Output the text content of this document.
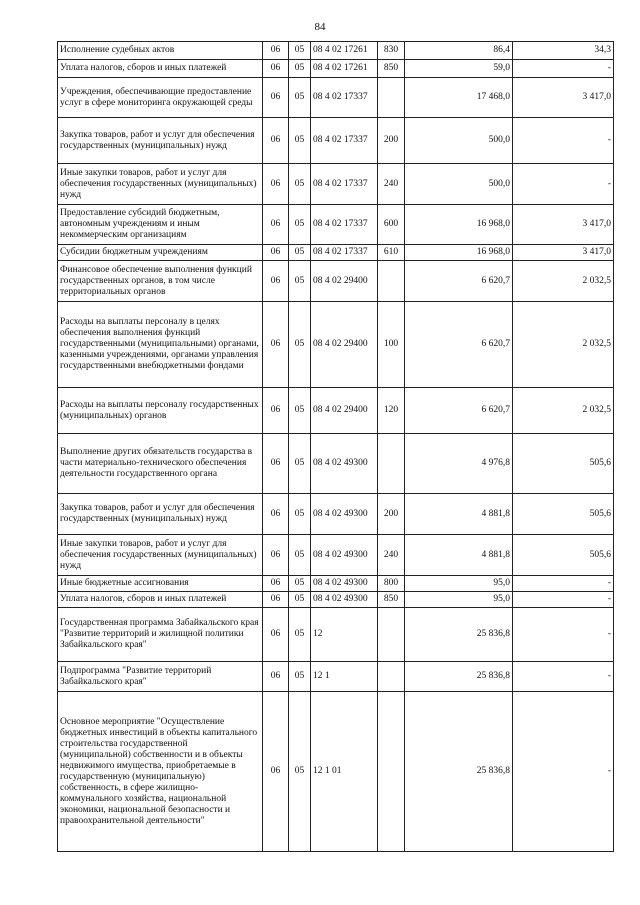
84
Исполнение судебных актов	06	05	08 4 02 17261	830	86,4	34,3
Уплата налогов, сборов и иных платежей	06	05	08 4 02 17261	850	59,0	-
Учреждения, обеспечивающие предоставление услуг в сфере мониторинга окружающей среды	06	05	08 4 02 17337		17 468,0	3 417,0
Закупка товаров, работ и услуг для обеспечения государственных (муниципальных) нужд	06	05	08 4 02 17337	200	500,0	-
Иные закупки товаров, работ и услуг для обеспечения государственных (муниципальных) нужд	06	05	08 4 02 17337	240	500,0	-
Предоставление субсидий бюджетным, автономным учреждениям и иным некоммерческим организациям	06	05	08 4 02 17337	600	16 968,0	3 417,0
Субсидии бюджетным учреждениям	06	05	08 4 02 17337	610	16 968,0	3 417,0
Финансовое обеспечение выполнения функций государственных органов, в том числе территориальных органов	06	05	08 4 02 29400		6 620,7	2 032,5
Расходы на выплаты персоналу в целях обеспечения выполнения функций государственными (муниципальными) органами, казенными учреждениями, органами управления государственными внебюджетными фондами	06	05	08 4 02 29400	100	6 620,7	2 032,5
Расходы на выплаты персоналу государственных (муниципальных) органов	06	05	08 4 02 29400	120	6 620,7	2 032,5
Выполнение других обязательств государства в части материально-технического обеспечения деятельности государственного органа	06	05	08 4 02 49300		4 976,8	505,6
Закупка товаров, работ и услуг для обеспечения государственных (муниципальных) нужд	06	05	08 4 02 49300	200	4 881,8	505,6
Иные закупки товаров, работ и услуг для обеспечения государственных (муниципальных) нужд	06	05	08 4 02 49300	240	4 881,8	505,6
Иные бюджетные ассигнования	06	05	08 4 02 49300	800	95,0	-
Уплата налогов, сборов и иных платежей	06	05	08 4 02 49300	850	95,0	-
Государственная программа Забайкальского края "Развитие территорий и жилищной политики Забайкальского края"	06	05	12		25 836,8	-
Подпрограмма "Развитие территорий Забайкальского края"	06	05	12 1		25 836,8	-
Основное мероприятие "Осуществление бюджетных инвестиций в объекты капитального строительства государственной (муниципальной) собственности и в объекты недвижимого имущества, приобретаемые в государственную (муниципальную) собственность, в сфере жилищно-коммунального хозяйства, национальной экономики, национальной безопасности и правоохранительной деятельности"	06	05	12 1 01		25 836,8	-
